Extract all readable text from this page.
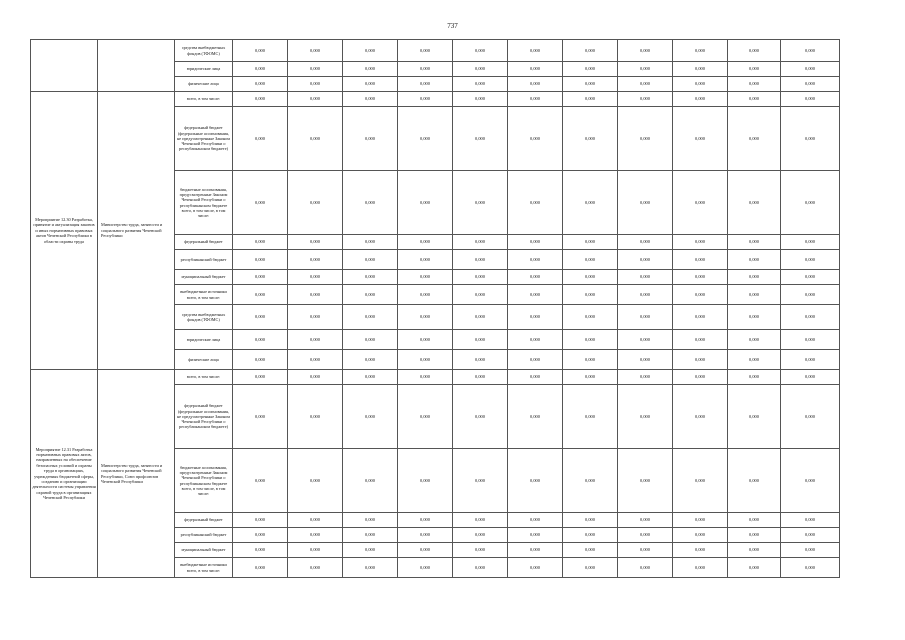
737
		средства внебюджетных фондов (ТФОМС)	0,000	0,000	0,000	0,000	0,000	0,000	0,000	0,000	0,000	0,000	0,000
		юридические лица	0,000	0,000	0,000	0,000	0,000	0,000	0,000	0,000	0,000	0,000	0,000
		физические лица	0,000	0,000	0,000	0,000	0,000	0,000	0,000	0,000	0,000	0,000	0,000
Мероприятие 12.30 Разработка, принятие и актуализация законов и иных нормативных правовых актов Чеченской Республики в области охраны труда	Министерство труда, занятости и социального развития Чеченской Республики	всего, в том числе:	0,000	0,000	0,000	0,000	0,000	0,000	0,000	0,000	0,000	0,000	0,000
		федеральный бюджет (федеральные ассигнования, не предусмотренные Законом Чеченской Республики о республиканском бюджете)	0,000	0,000	0,000	0,000	0,000	0,000	0,000	0,000	0,000	0,000	0,000
		бюджетные ассигнования, предусмотренные Законом Чеченской Республики о республиканском бюджете всего, в том числе, в том числе:	0,000	0,000	0,000	0,000	0,000	0,000	0,000	0,000	0,000	0,000	0,000
		федеральный бюджет	0,000	0,000	0,000	0,000	0,000	0,000	0,000	0,000	0,000	0,000	0,000
		республиканский бюджет	0,000	0,000	0,000	0,000	0,000	0,000	0,000	0,000	0,000	0,000	0,000
		муниципальный бюджет	0,000	0,000	0,000	0,000	0,000	0,000	0,000	0,000	0,000	0,000	0,000
		внебюджетные источники всего, в том числе:	0,000	0,000	0,000	0,000	0,000	0,000	0,000	0,000	0,000	0,000	0,000
		средства внебюджетных фондов (ТФОМС)	0,000	0,000	0,000	0,000	0,000	0,000	0,000	0,000	0,000	0,000	0,000
		юридические лица	0,000	0,000	0,000	0,000	0,000	0,000	0,000	0,000	0,000	0,000	0,000
		физические лица	0,000	0,000	0,000	0,000	0,000	0,000	0,000	0,000	0,000	0,000	0,000
Мероприятие 12.31 Разработка нормативных правовых актов, направленных на обеспечение безопасных условий и охраны труда в организациях, учреждениях бюджетной сферы, созданию и организации деятельности системы управления охраной труда в организациях Чеченской Республики	Министерство труда, занятости и социального развития Чеченской Республики, Союз профсоюзов Чеченской Республики	всего, в том числе:	0,000	0,000	0,000	0,000	0,000	0,000	0,000	0,000	0,000	0,000	0,000
		федеральный бюджет (федеральные ассигнования, не предусмотренные Законом Чеченской Республики о республиканском бюджете)	0,000	0,000	0,000	0,000	0,000	0,000	0,000	0,000	0,000	0,000	0,000
		бюджетные ассигнования, предусмотренные Законом Чеченской Республики о республиканском бюджете всего, в том числе, в том числе:	0,000	0,000	0,000	0,000	0,000	0,000	0,000	0,000	0,000	0,000	0,000
		федеральный бюджет	0,000	0,000	0,000	0,000	0,000	0,000	0,000	0,000	0,000	0,000	0,000
		республиканский бюджет	0,000	0,000	0,000	0,000	0,000	0,000	0,000	0,000	0,000	0,000	0,000
		муниципальный бюджет	0,000	0,000	0,000	0,000	0,000	0,000	0,000	0,000	0,000	0,000	0,000
		внебюджетные источники всего, в том числе:	0,000	0,000	0,000	0,000	0,000	0,000	0,000	0,000	0,000	0,000	0,000
